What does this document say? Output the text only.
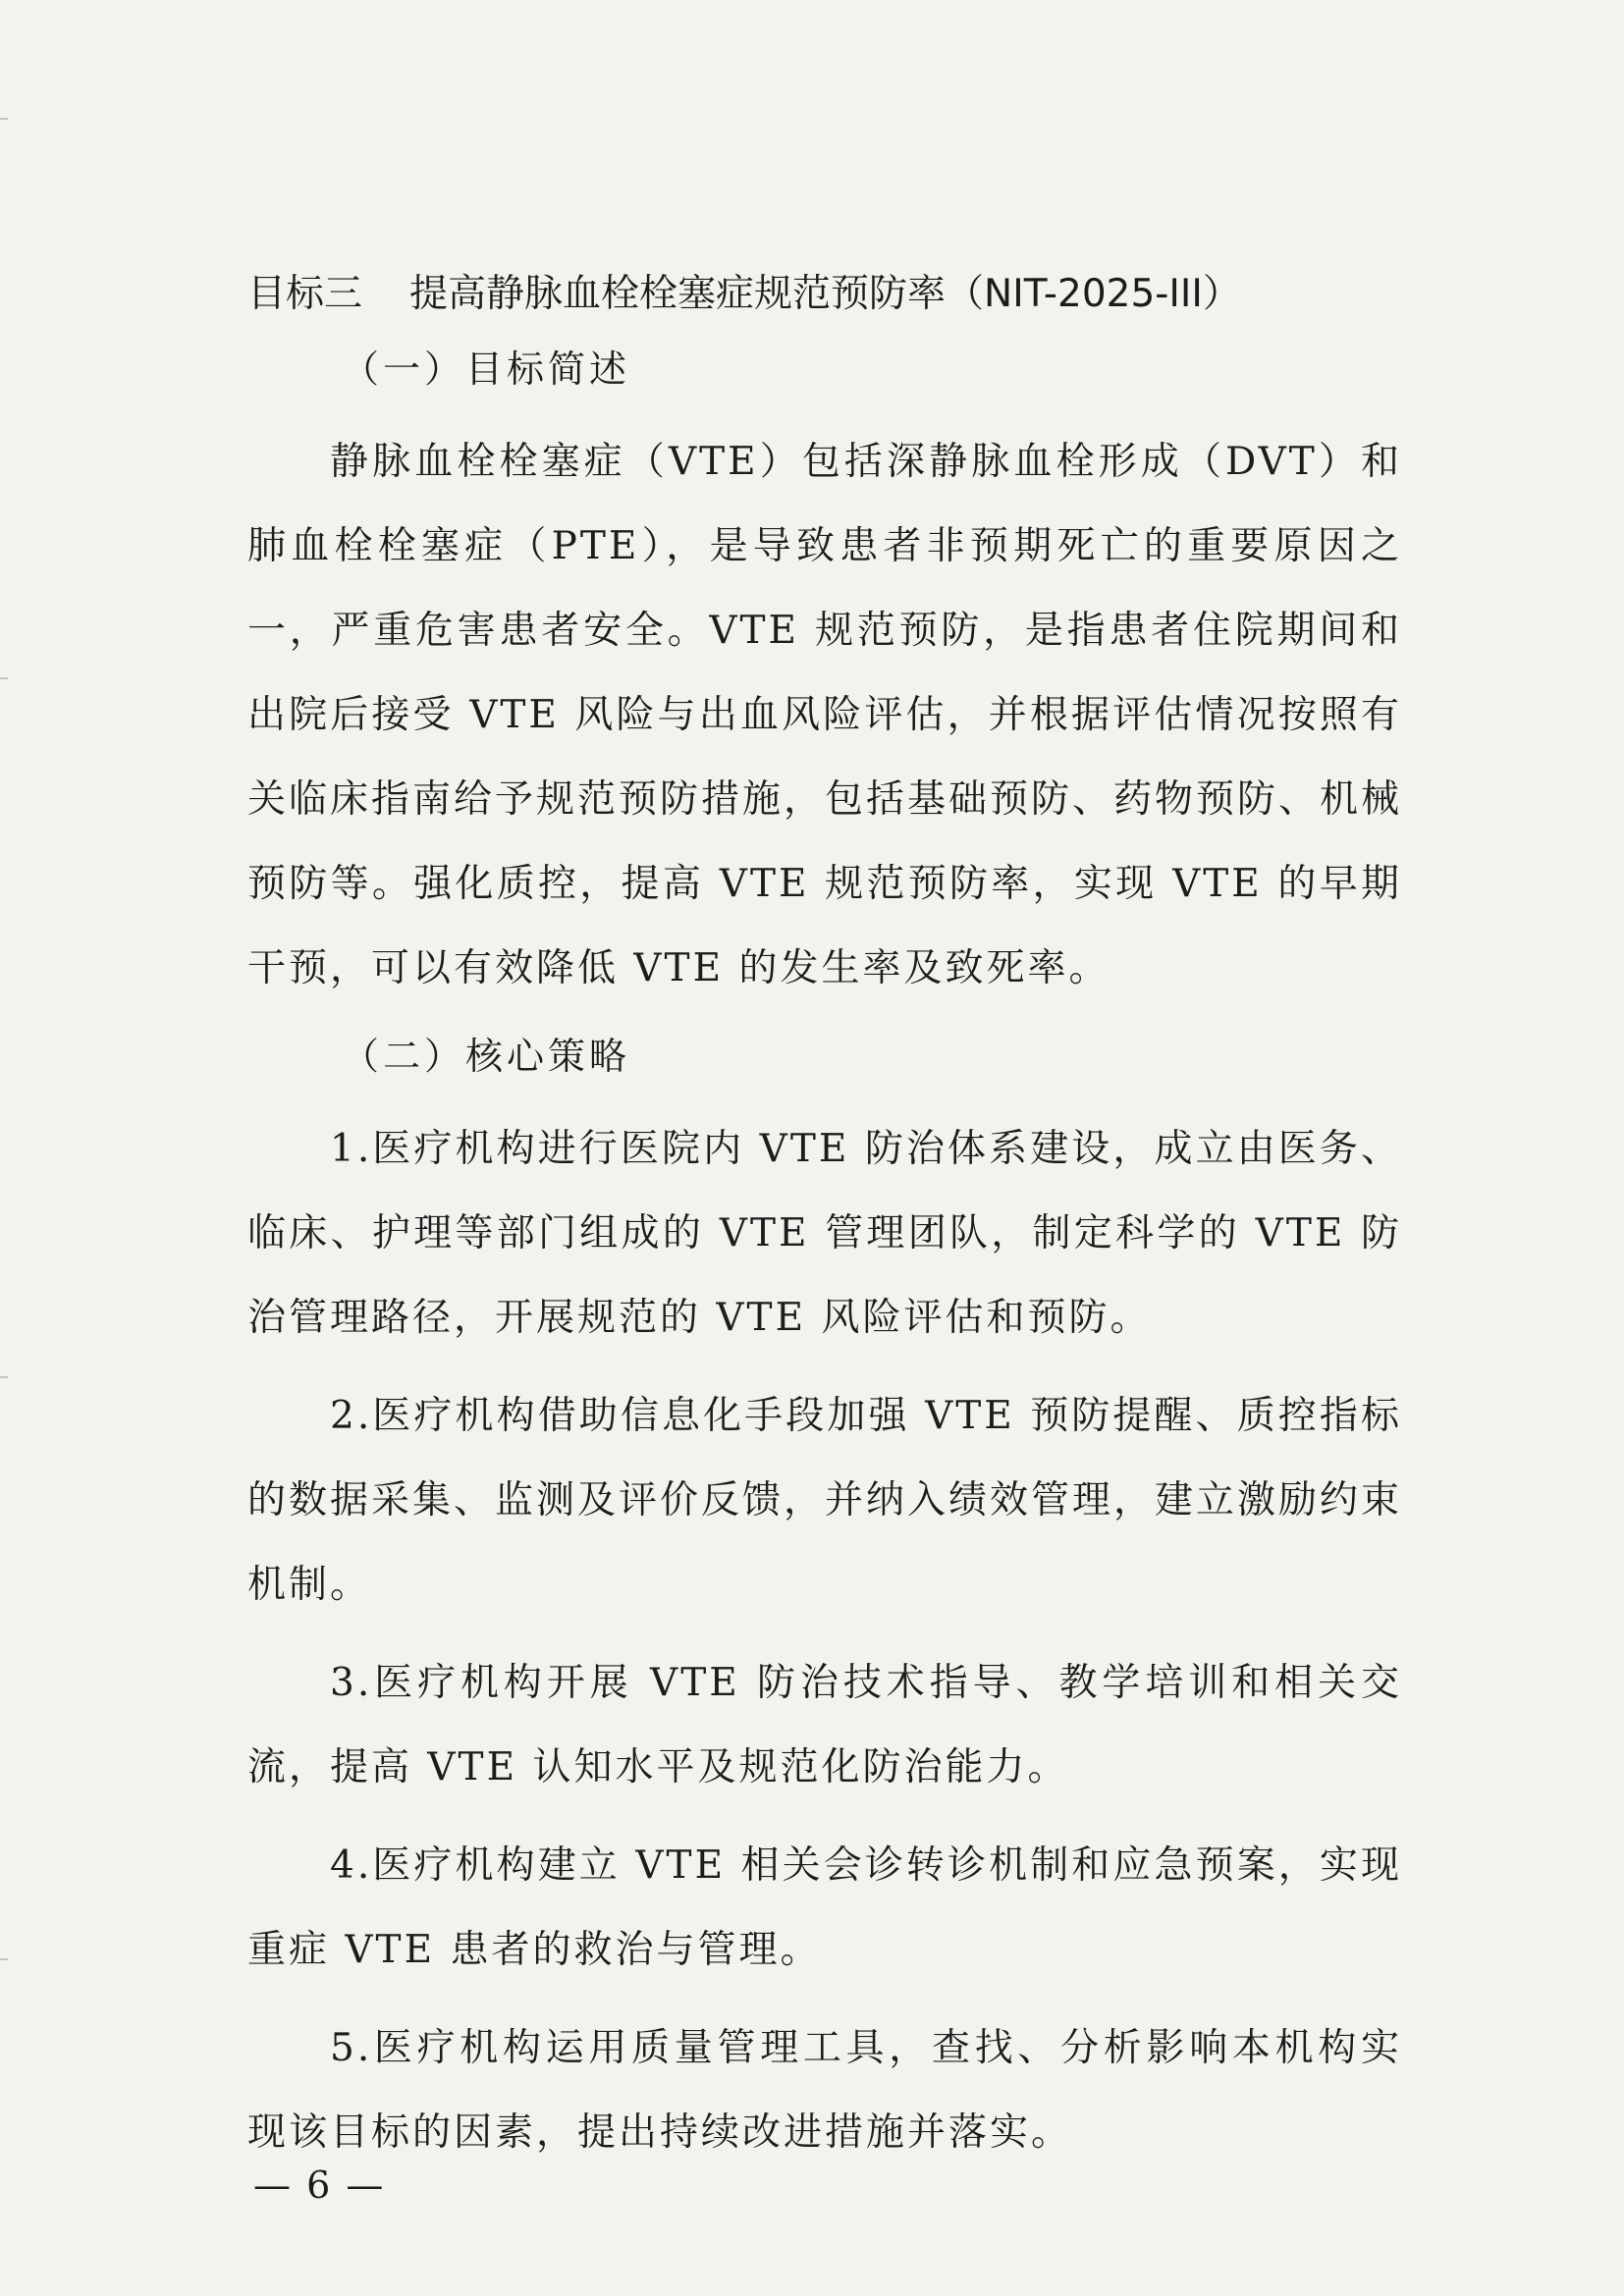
目标三 提高静脉血栓栓塞症规范预防率（NIT-2025-III）
（一）目标简述

静脉血栓栓塞症（VTE）包括深静脉血栓形成（DVT）和肺血栓栓塞症（PTE），是导致患者非预期死亡的重要原因之一，严重危害患者安全。VTE 规范预防，是指患者住院期间和出院后接受 VTE 风险与出血风险评估，并根据评估情况按照有关临床指南给予规范预防措施，包括基础预防、药物预防、机械预防等。强化质控，提高 VTE 规范预防率，实现 VTE 的早期干预，可以有效降低 VTE 的发生率及致死率。

（二）核心策略

1.医疗机构进行医院内 VTE 防治体系建设，成立由医务、临床、护理等部门组成的 VTE 管理团队，制定科学的 VTE 防治管理路径，开展规范的 VTE 风险评估和预防。

2.医疗机构借助信息化手段加强 VTE 预防提醒、质控指标的数据采集、监测及评价反馈，并纳入绩效管理，建立激励约束机制。

3.医疗机构开展 VTE 防治技术指导、教学培训和相关交流，提高 VTE 认知水平及规范化防治能力。

4.医疗机构建立 VTE 相关会诊转诊机制和应急预案，实现重症 VTE 患者的救治与管理。

5.医疗机构运用质量管理工具，查找、分析影响本机构实现该目标的因素，提出持续改进措施并落实。

— 6 —
